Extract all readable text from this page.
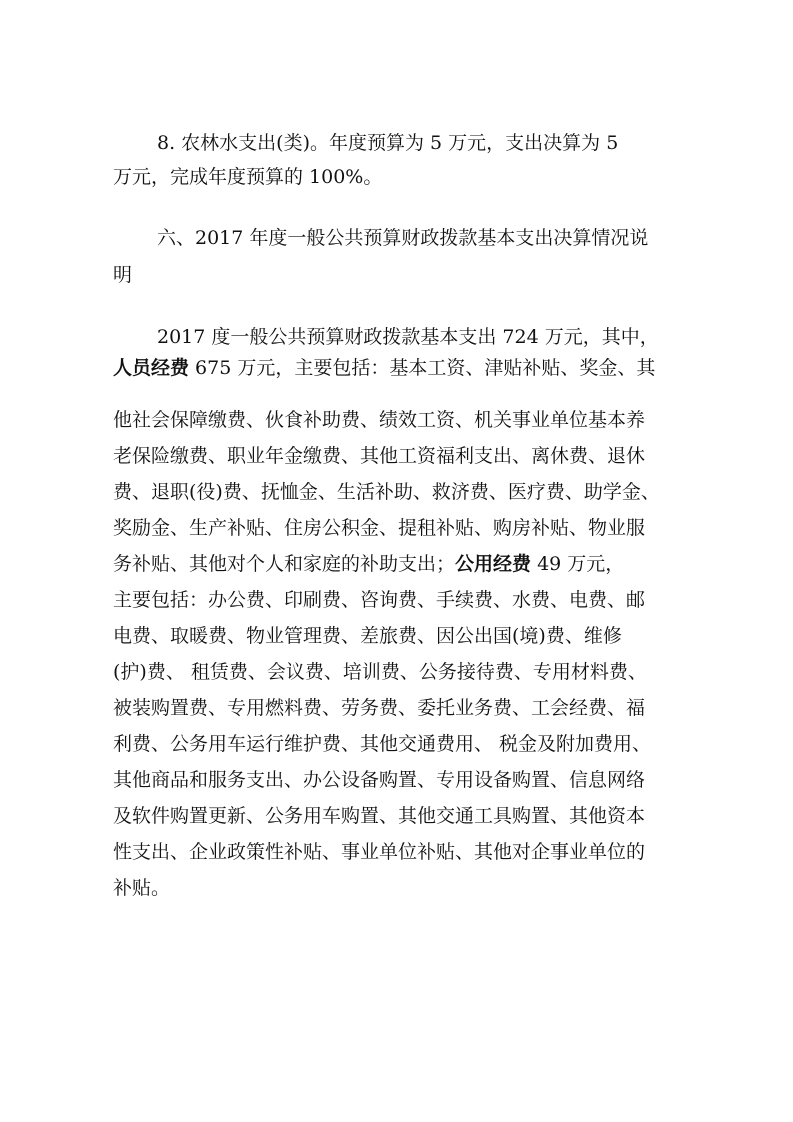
8. 农林水支出(类)。年度预算为 5 万元，支出决算为 5

万元，完成年度预算的 100%。

六、2017 年度一般公共预算财政拨款基本支出决算情况说

明

2017 度一般公共预算财政拨款基本支出 724 万元，其中，

人员经费 675 万元，主要包括：基本工资、津贴补贴、奖金、其

他社会保障缴费、伙食补助费、绩效工资、机关事业单位基本养

老保险缴费、职业年金缴费、其他工资福利支出、离休费、退休

费、退职(役)费、抚恤金、生活补助、救济费、医疗费、助学金、

奖励金、生产补贴、住房公积金、提租补贴、购房补贴、物业服

务补贴、其他对个人和家庭的补助支出；公用经费 49 万元，

主要包括：办公费、印刷费、咨询费、手续费、水费、电费、邮

电费、取暖费、物业管理费、差旅费、因公出国(境)费、维修

(护)费、 租赁费、会议费、培训费、公务接待费、专用材料费、

被装购置费、专用燃料费、劳务费、委托业务费、工会经费、福

利费、公务用车运行维护费、其他交通费用、 税金及附加费用、

其他商品和服务支出、办公设备购置、专用设备购置、信息网络

及软件购置更新、公务用车购置、其他交通工具购置、其他资本

性支出、企业政策性补贴、事业单位补贴、其他对企事业单位的

补贴。
